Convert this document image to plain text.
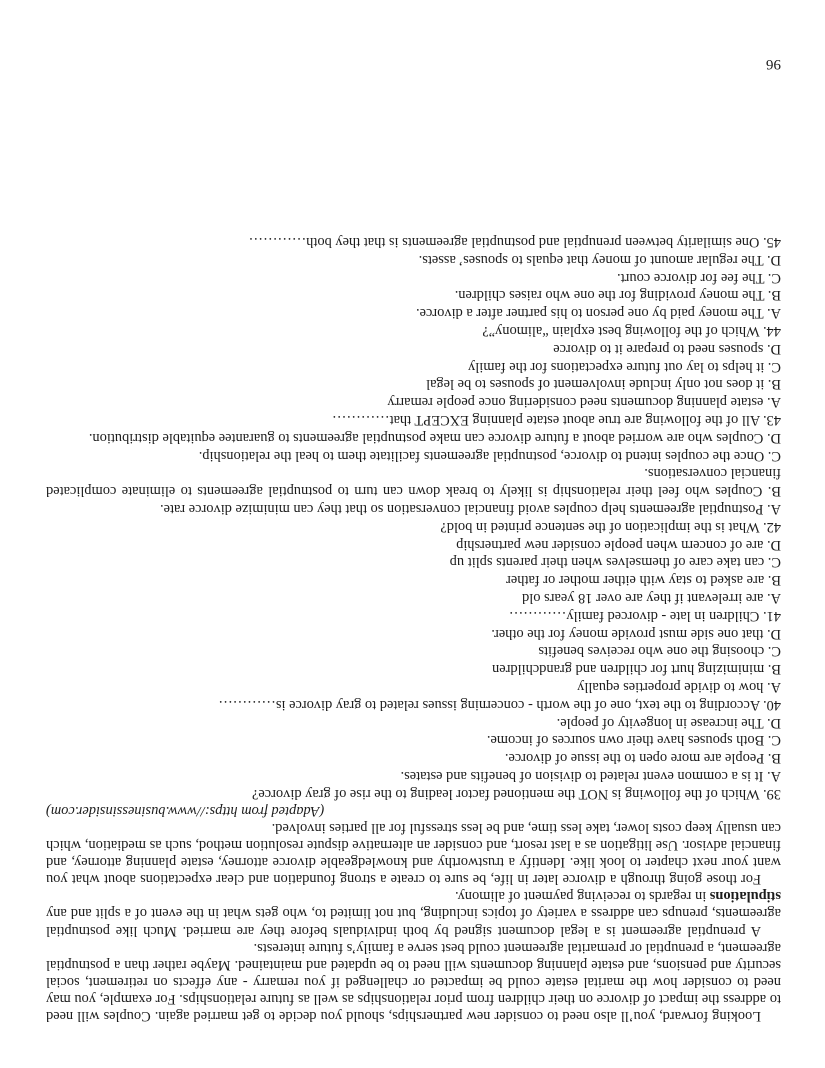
Looking forward, you’ll also need to consider new partnerships, should you decide to get married again. Couples will need to address the impact of divorce on their children from prior relationships as well as future relationships. For example, you may need to consider how the marital estate could be impacted or challenged if you remarry - any effects on retirement, social security and pensions, and estate planning documents will need to be updated and maintained. Maybe rather than a postnuptial agreement, a prenuptial or premarital agreement could best serve a family’s future interests.

A prenuptial agreement is a legal document signed by both individuals before they are married. Much like postnuptial agreements, prenups can address a variety of topics including, but not limited to, who gets what in the event of a split and any stipulations in regards to receiving payment of alimony.

For those going through a divorce later in life, be sure to create a strong foundation and clear expectations about what you want your next chapter to look like. Identify a trustworthy and knowledgeable divorce attorney, estate planning attorney, and financial advisor. Use litigation as a last resort, and consider an alternative dispute resolution method, such as mediation, which can usually keep costs lower, take less time, and be less stressful for all parties involved.

(Adapted from https://www.businessinsider.com)

39. Which of the following is NOT the mentioned factor leading to the rise of gray divorce?

A. It is a common event related to division of benefits and estates.

B. People are more open to the issue of divorce.

C. Both spouses have their own sources of income.

D. The increase in longevity of people.

40. According to the text, one of the worth - concerning issues related to gray divorce is…………

A. how to divide properties equally

B. minimizing hurt for children and grandchildren

C. choosing the one who receives benefits

D. that one side must provide money for the other.

41. Children in late - divorced family…………

A. are irrelevant if they are over 18 years old

B. are asked to stay with either mother or father

C. can take care of themselves when their parents split up

D. are of concern when people consider new partnership

42. What is the implication of the sentence printed in bold?

A. Postnuptial agreements help couples avoid financial conversation so that they can minimize divorce rate.

B. Couples who feel their relationship is likely to break down can turn to postnuptial agreements to eliminate complicated financial conversations.

C. Once the couples intend to divorce, postnuptial agreements facilitate them to heal the relationship.

D. Couples who are worried about a future divorce can make postnuptial agreements to guarantee equitable distribution.

43. All of the following are true about estate planning EXCEPT that…………

A. estate planning documents need considering once people remarry

B. it does not only include involvement of spouses to be legal

C. it helps to lay out future expectations for the family

D. spouses need to prepare it to divorce

44. Which of the following best explain “alimony”?

A. The money paid by one person to his partner after a divorce.

B. The money providing for the one who raises children.

C. The fee for divorce court.

D. The regular amount of money that equals to spouses’ assets.

45. One similarity between prenuptial and postnuptial agreements is that they both…………

96
